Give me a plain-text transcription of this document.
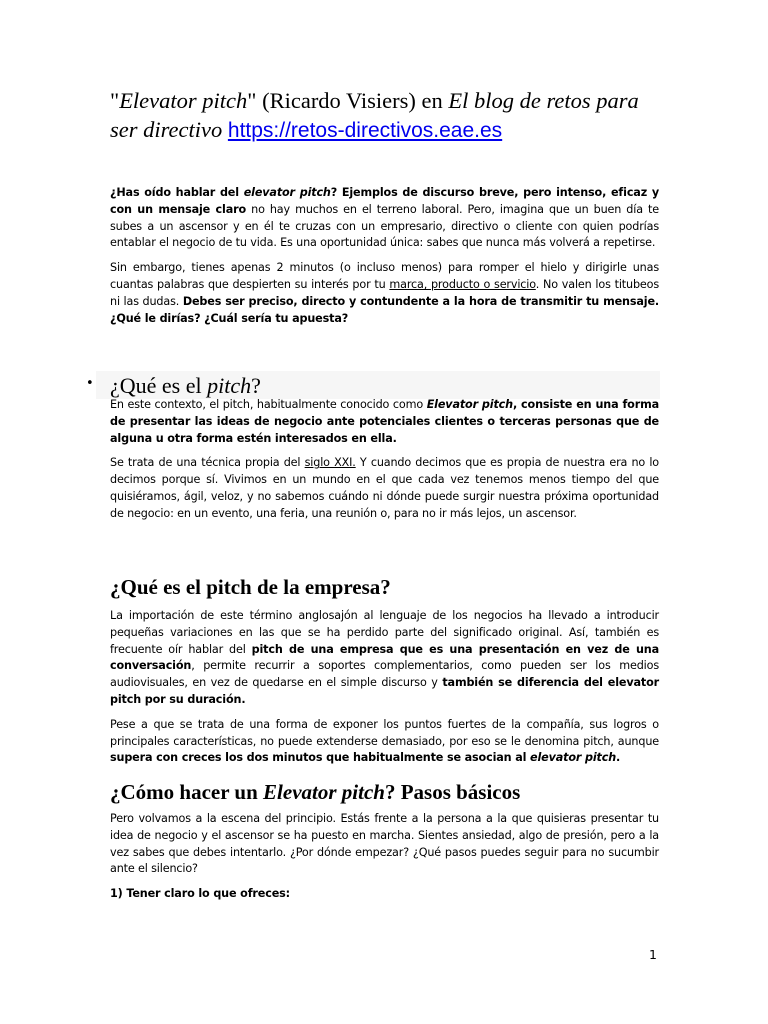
"Elevator pitch" (Ricardo Visiers) en El blog de retos para ser directivo https://retos-directivos.eae.es

¿Has oído hablar del elevator pitch? Ejemplos de discurso breve, pero intenso, eficaz y con un mensaje claro no hay muchos en el terreno laboral. Pero, imagina que un buen día te subes a un ascensor y en él te cruzas con un empresario, directivo o cliente con quien podrías entablar el negocio de tu vida. Es una oportunidad única: sabes que nunca más volverá a repetirse.

Sin embargo, tienes apenas 2 minutos (o incluso menos) para romper el hielo y dirigirle unas cuantas palabras que despierten su interés por tu marca, producto o servicio. No valen los titubeos ni las dudas. Debes ser preciso, directo y contundente a la hora de transmitir tu mensaje. ¿Qué le dirías? ¿Cuál sería tu apuesta?

• ¿Qué es el pitch?

En este contexto, el pitch, habitualmente conocido como Elevator pitch, consiste en una forma de presentar las ideas de negocio ante potenciales clientes o terceras personas que de alguna u otra forma estén interesados en ella.

Se trata de una técnica propia del siglo XXI. Y cuando decimos que es propia de nuestra era no lo decimos porque sí. Vivimos en un mundo en el que cada vez tenemos menos tiempo del que quisiéramos, ágil, veloz, y no sabemos cuándo ni dónde puede surgir nuestra próxima oportunidad de negocio: en un evento, una feria, una reunión o, para no ir más lejos, un ascensor.

¿Qué es el pitch de la empresa?

La importación de este término anglosajón al lenguaje de los negocios ha llevado a introducir pequeñas variaciones en las que se ha perdido parte del significado original. Así, también es frecuente oír hablar del pitch de una empresa que es una presentación en vez de una conversación, permite recurrir a soportes complementarios, como pueden ser los medios audiovisuales, en vez de quedarse en el simple discurso y también se diferencia del elevator pitch por su duración.

Pese a que se trata de una forma de exponer los puntos fuertes de la compañía, sus logros o principales características, no puede extenderse demasiado, por eso se le denomina pitch, aunque supera con creces los dos minutos que habitualmente se asocian al elevator pitch.

¿Cómo hacer un Elevator pitch? Pasos básicos

Pero volvamos a la escena del principio. Estás frente a la persona a la que quisieras presentar tu idea de negocio y el ascensor se ha puesto en marcha. Sientes ansiedad, algo de presión, pero a la vez sabes que debes intentarlo. ¿Por dónde empezar? ¿Qué pasos puedes seguir para no sucumbir ante el silencio?

1) Tener claro lo que ofreces:

1
